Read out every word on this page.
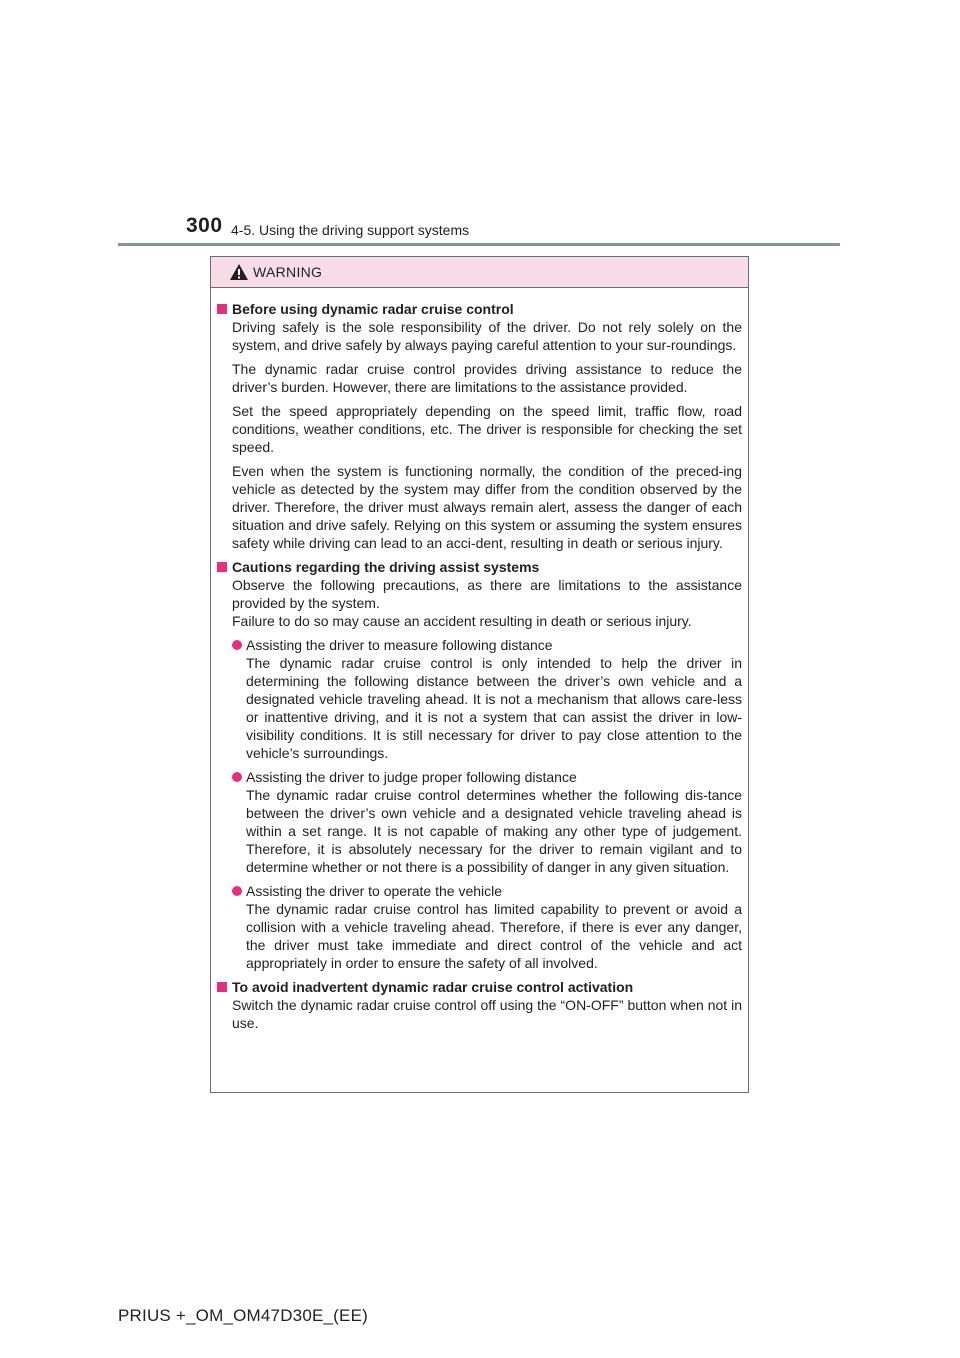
300 4-5. Using the driving support systems
WARNING
Before using dynamic radar cruise control
Driving safely is the sole responsibility of the driver. Do not rely solely on the system, and drive safely by always paying careful attention to your sur-roundings.
The dynamic radar cruise control provides driving assistance to reduce the driver’s burden. However, there are limitations to the assistance provided.
Set the speed appropriately depending on the speed limit, traffic flow, road conditions, weather conditions, etc. The driver is responsible for checking the set speed.
Even when the system is functioning normally, the condition of the preced-ing vehicle as detected by the system may differ from the condition observed by the driver. Therefore, the driver must always remain alert, assess the danger of each situation and drive safely. Relying on this system or assuming the system ensures safety while driving can lead to an acci-dent, resulting in death or serious injury.
Cautions regarding the driving assist systems
Observe the following precautions, as there are limitations to the assistance provided by the system.
Failure to do so may cause an accident resulting in death or serious injury.
Assisting the driver to measure following distance
The dynamic radar cruise control is only intended to help the driver in determining the following distance between the driver’s own vehicle and a designated vehicle traveling ahead. It is not a mechanism that allows care-less or inattentive driving, and it is not a system that can assist the driver in low-visibility conditions. It is still necessary for driver to pay close attention to the vehicle’s surroundings.
Assisting the driver to judge proper following distance
The dynamic radar cruise control determines whether the following dis-tance between the driver’s own vehicle and a designated vehicle traveling ahead is within a set range. It is not capable of making any other type of judgement. Therefore, it is absolutely necessary for the driver to remain vigilant and to determine whether or not there is a possibility of danger in any given situation.
Assisting the driver to operate the vehicle
The dynamic radar cruise control has limited capability to prevent or avoid a collision with a vehicle traveling ahead. Therefore, if there is ever any danger, the driver must take immediate and direct control of the vehicle and act appropriately in order to ensure the safety of all involved.
To avoid inadvertent dynamic radar cruise control activation
Switch the dynamic radar cruise control off using the “ON-OFF” button when not in use.
PRIUS +_OM_OM47D30E_(EE)
